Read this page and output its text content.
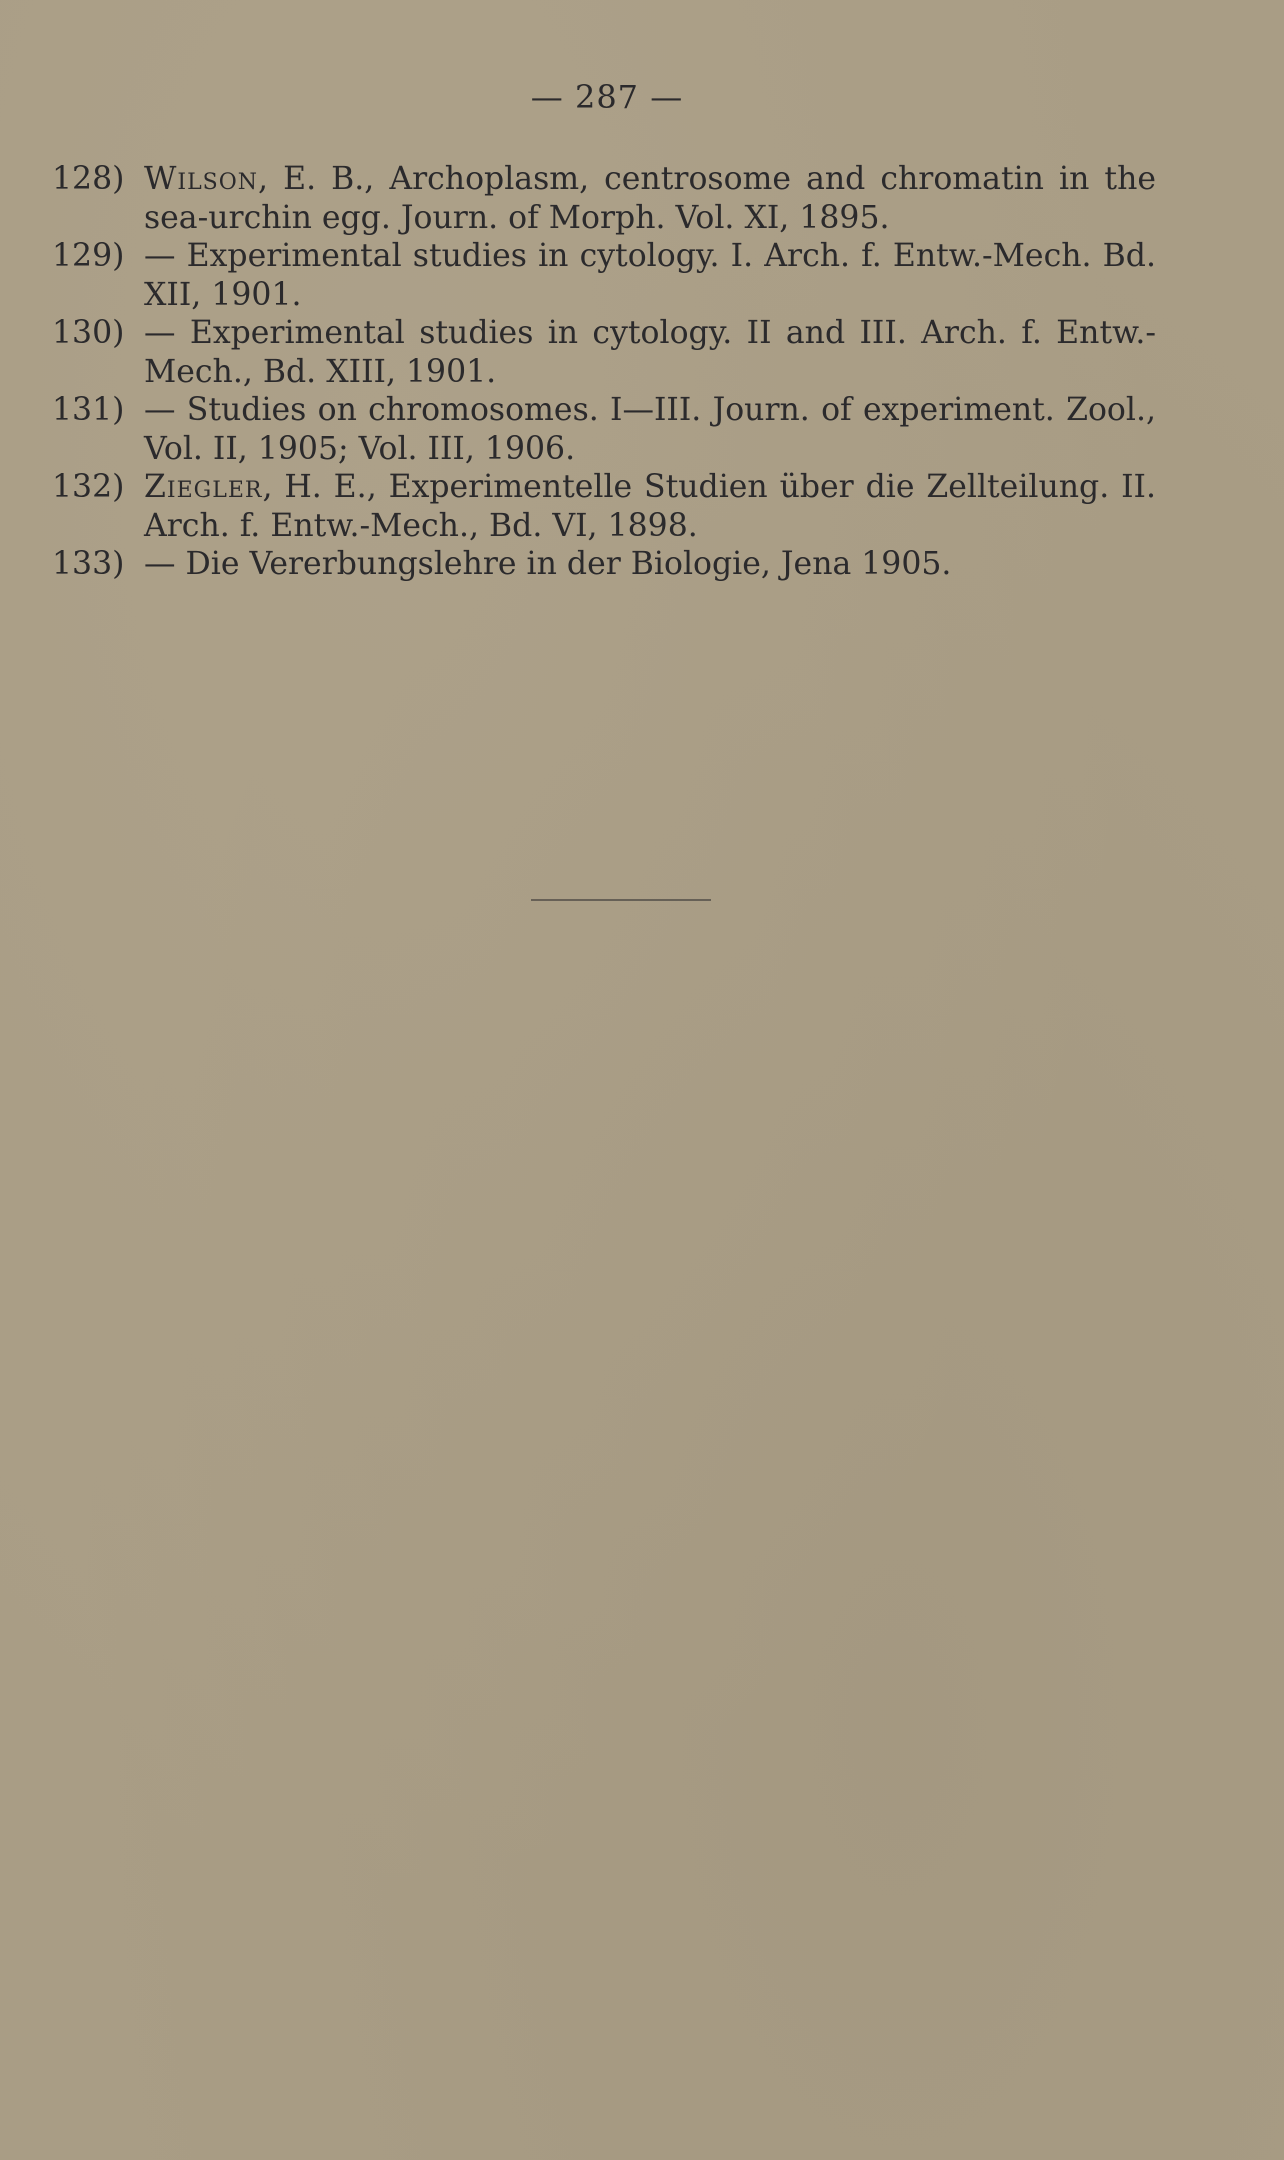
— 287 —
128) Wilson, E. B., Archoplasm, centrosome and chromatin in the sea-urchin egg. Journ. of Morph. Vol. XI, 1895.
129) — Experimental studies in cytology. I. Arch. f. Entw.-Mech. Bd. XII, 1901.
130) — Experimental studies in cytology. II and III. Arch. f. Entw.-Mech., Bd. XIII, 1901.
131) — Studies on chromosomes. I—III. Journ. of experiment. Zool., Vol. II, 1905; Vol. III, 1906.
132) Ziegler, H. E., Experimentelle Studien über die Zellteilung. II. Arch. f. Entw.-Mech., Bd. VI, 1898.
133) — Die Vererbungslehre in der Biologie, Jena 1905.
